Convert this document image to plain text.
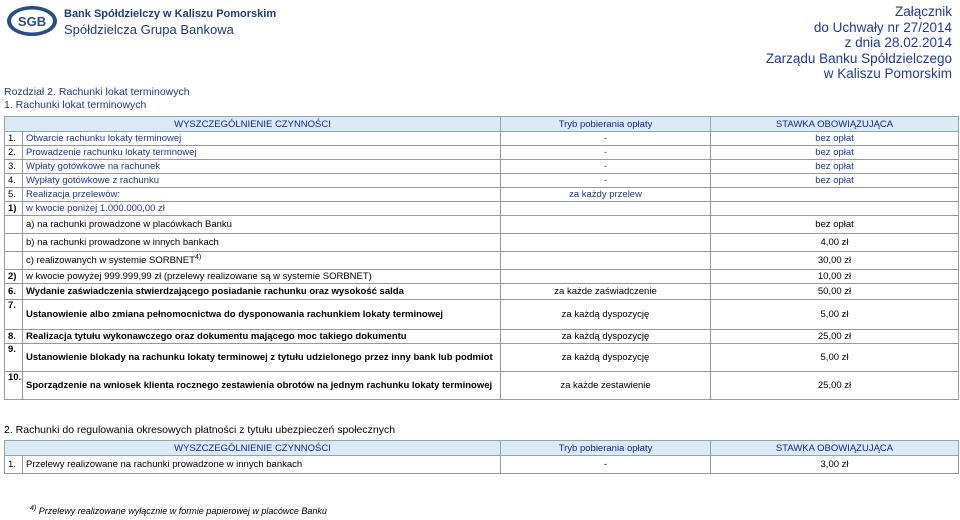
SGB Bank Spółdzielczy w Kaliszu Pomorskim
Spółdzielcza Grupa Bankowa
Załącznik
do Uchwały nr 27/2014
z dnia 28.02.2014
Zarządu Banku Spółdzielczego
w Kaliszu Pomorskim
Rozdział 2. Rachunki lokat terminowych
1. Rachunki lokat terminowych
WYSZCZEGÓLNIENIE CZYNNOŚCI		Tryb pobierania opłaty	STAWKA OBOWIĄZUJĄCA
1.	Otwarcie rachunku lokaty terminowej	-	bez opłat
2.	Prowadzenie rachunku lokaty termnowej	-	bez opłat
3.	Wpłaty gotówkowe na rachunek	-	bez opłat
4.	Wypłaty gotówkowe z rachunku	-	bez opłat
5.	Realizacja przelewów:	za każdy przelew	
1)	w kwocie poniżej 1.000.000,00 zł		
	a) na rachunki prowadzone w placówkach Banku		bez opłat
	b) na rachunki prowadzone w innych bankach		4,00 zł
	c) realizowanych w systemie SORBNET$^{4)}$		30,00 zł
2)	w kwocie powyżej 999.999,99 zł (przelewy realizowane są w systemie SORBNET)		10,00 zł
6.	Wydanie zaświadczenia stwierdzającego posiadanie rachunku oraz wysokość salda	za każde zaświadczenie	50,00 zł
7.	Ustanowienie albo zmiana pełnomocnictwa do dysponowania rachunkiem lokaty terminowej	za każdą dyspozycję	5,00 zł
8.	Realizacja tytułu wykonawczego oraz dokumentu mającego moc takiego dokumentu	za każdą dyspozycję	25,00 zł
9.	Ustanowienie blokady na rachunku lokaty terminowej z tytułu udzielonego przez inny bank lub podmiot	za każdą dyspozycję	5,00 zł
10.	Sporządzenie na wniosek klienta rocznego zestawienia obrotów na jednym rachunku lokaty terminowej	za każde zestawienie	25,00 zł
2. Rachunki do regulowania okresowych płatności z tytułu ubezpieczeń społecznych
WYSZCZEGÓLNIENIE CZYNNOŚCI		Tryb pobierania opłaty	STAWKA OBOWIĄZUJĄCA
1.	Przelewy realizowane na rachunki prowadzone w innych bankach	-	3,00 zł
$^{4)}$ Przelewy realizowane wyłącznie w formie papierowej w placówce Banku
